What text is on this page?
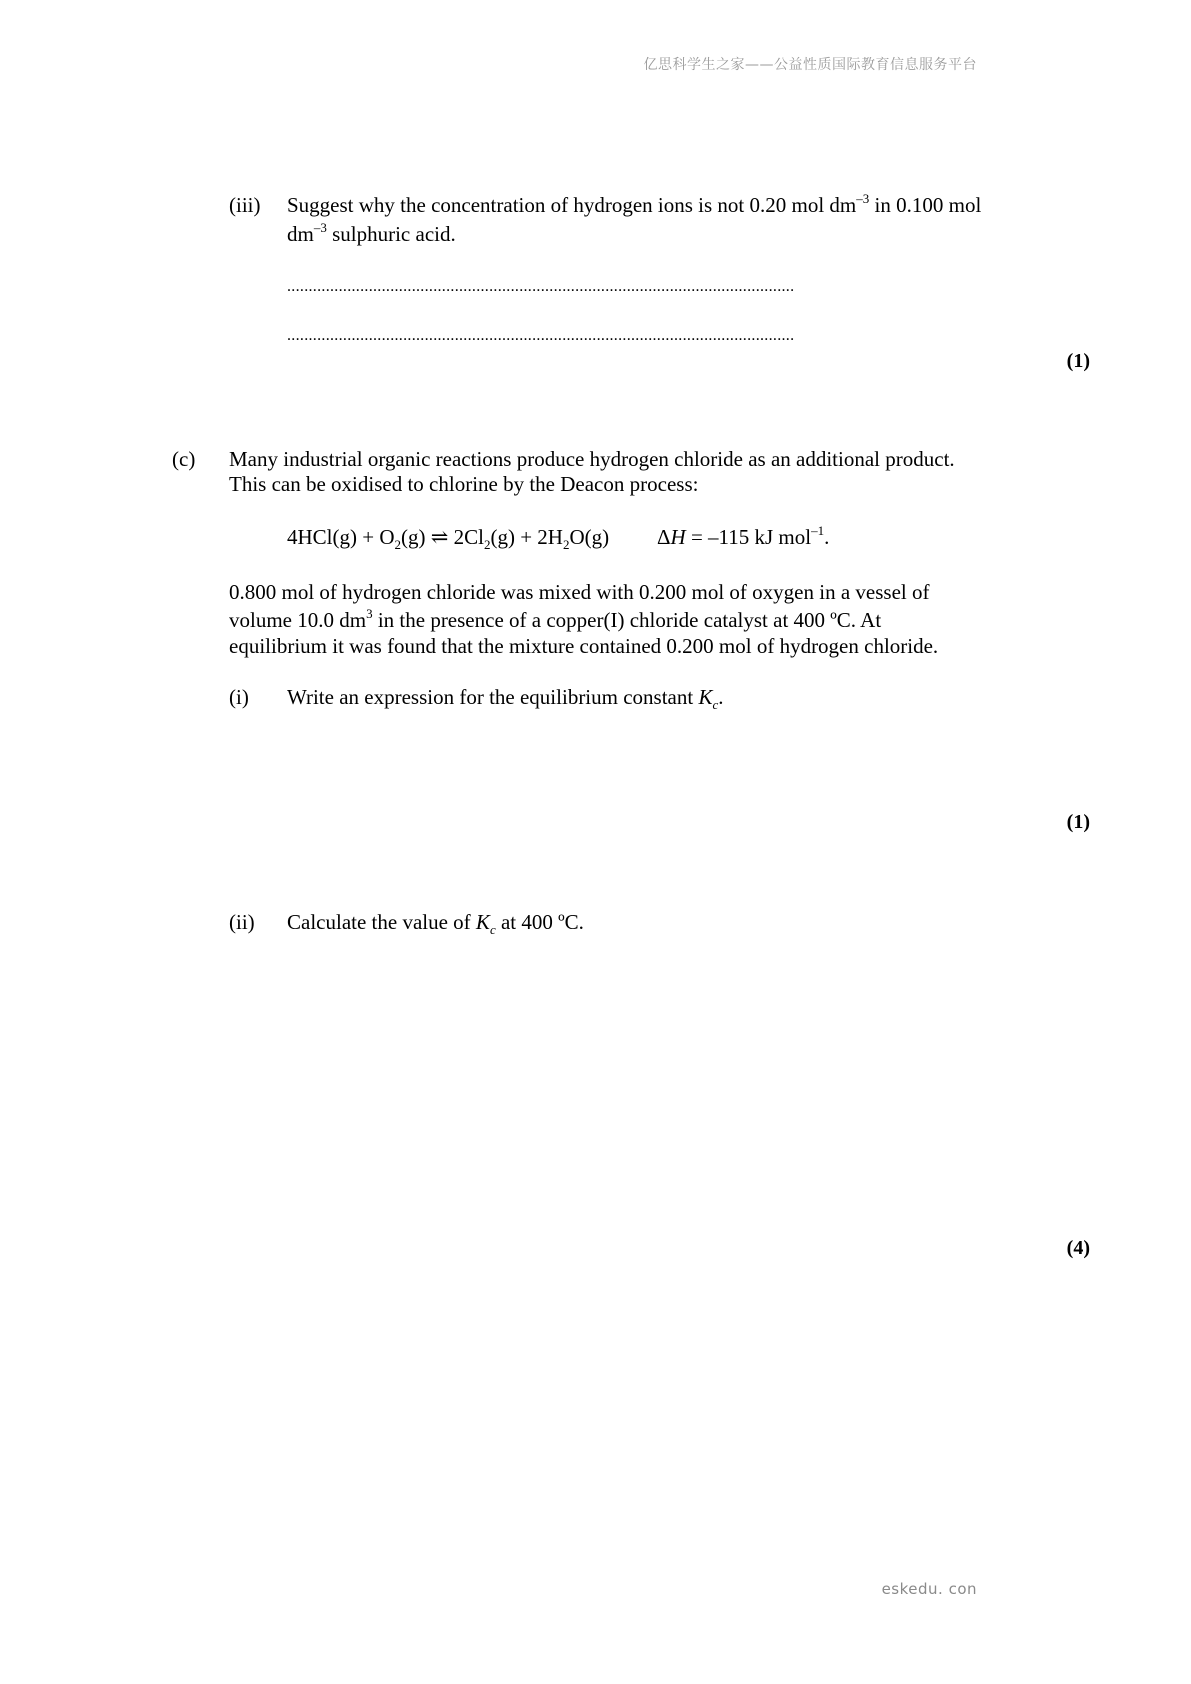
亿思科学生之家——公益性质国际教育信息服务平台
(iii) Suggest why the concentration of hydrogen ions is not 0.20 mol $dm^{-3}$ in 0.100 mol
$dm^{-3}$ sulphuric acid.
......................................................................................................................
......................................................................................................................
(1)
(c) Many industrial organic reactions produce hydrogen chloride as an additional product.
This can be oxidised to chlorine by the Deacon process:
$4HCl(g) + O_2(g)$ ⇌ $2Cl_2(g) + 2H_2O(g) \Delta H = -115$ kJ mol$^{-1}$.
0.800 mol of hydrogen chloride was mixed with 0.200 mol of oxygen in a vessel of
volume 10.0 $dm^3$ in the presence of a copper(I) chloride catalyst at 400 ºC. At
equilibrium it was found that the mixture contained 0.200 mol of hydrogen chloride.
(i) Write an expression for the equilibrium constant $K_c$.
(1)
(ii) Calculate the value of $K_c$ at 400 ºC.
(4)
eskedu. con
